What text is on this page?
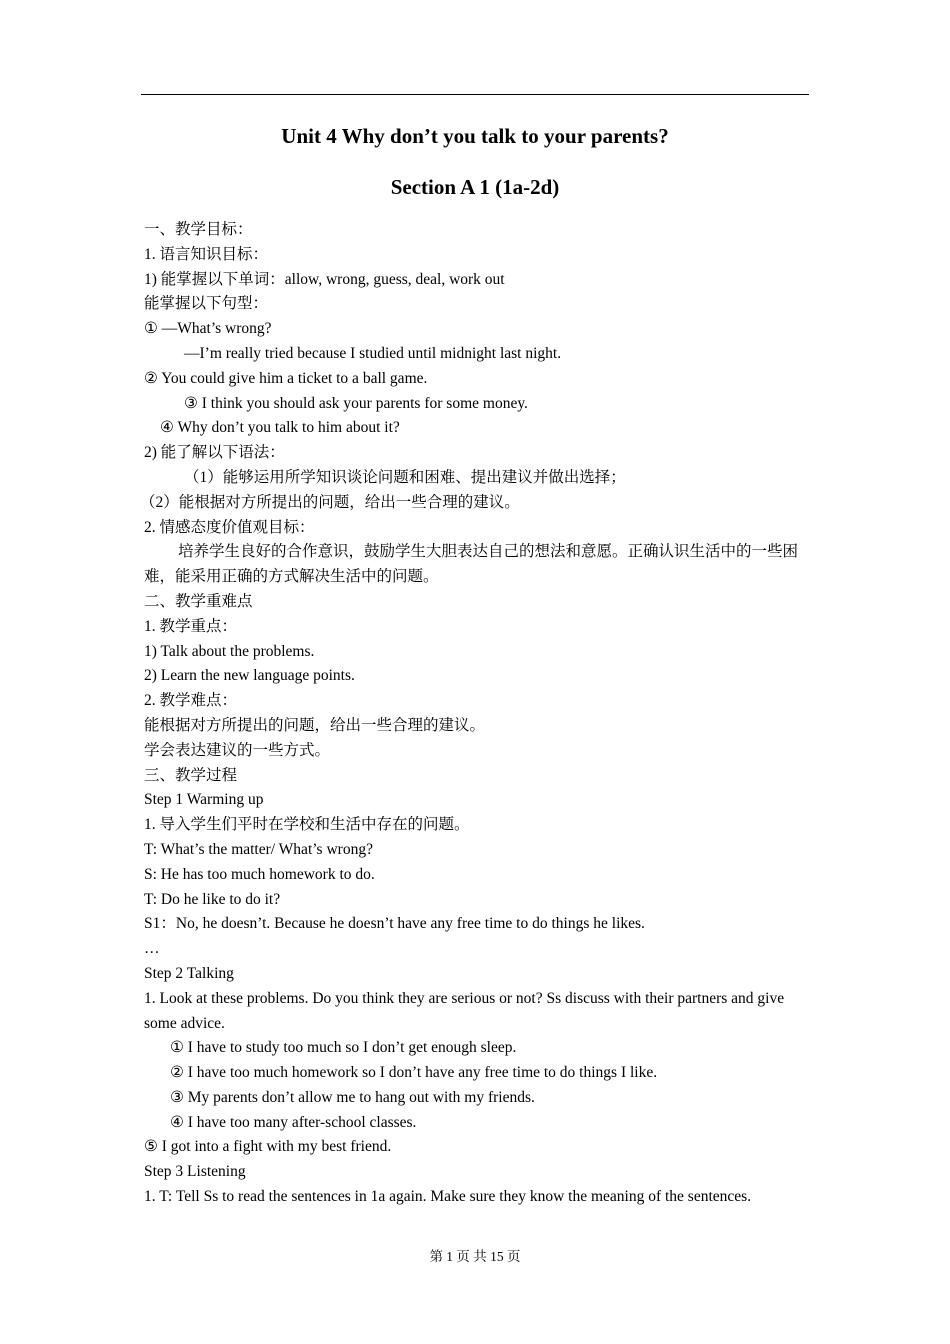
Unit 4 Why don’t you talk to your parents?
Section A 1 (1a-2d)
一、教学目标：
1. 语言知识目标：
1) 能掌握以下单词：allow, wrong, guess, deal, work out
能掌握以下句型：
① —What’s wrong?
—I’m really tried because I studied until midnight last night.
② You could give him a ticket to a ball game.
③ I think you should ask your parents for some money.
④ Why don’t you talk to him about it?
2) 能了解以下语法：
（1）能够运用所学知识谈论问题和困难、提出建议并做出选择；
（2）能根据对方所提出的问题，给出一些合理的建议。
2. 情感态度价值观目标：
培养学生良好的合作意识，鼓励学生大胆表达自己的想法和意愿。正确认识生活中的一些困难，能采用正确的方式解决生活中的问题。
二、教学重难点
1. 教学重点：
1) Talk about the problems.
2) Learn the new language points.
2. 教学难点：
能根据对方所提出的问题，给出一些合理的建议。
学会表达建议的一些方式。
三、教学过程
Step 1 Warming up
1. 导入学生们平时在学校和生活中存在的问题。
T: What’s the matter/ What’s wrong?
S: He has too much homework to do.
T: Do he like to do it?
S1：No, he doesn’t. Because he doesn’t have any free time to do things he likes.
…
Step 2 Talking
1. Look at these problems. Do you think they are serious or not? Ss discuss with their partners and give some advice.
① I have to study too much so I don’t get enough sleep.
② I have too much homework so I don’t have any free time to do things I like.
③ My parents don’t allow me to hang out with my friends.
④ I have too many after-school classes.
⑤ I got into a fight with my best friend.
Step 3 Listening
1. T: Tell Ss to read the sentences in 1a again. Make sure they know the meaning of the sentences.
第 1 页 共 15 页
